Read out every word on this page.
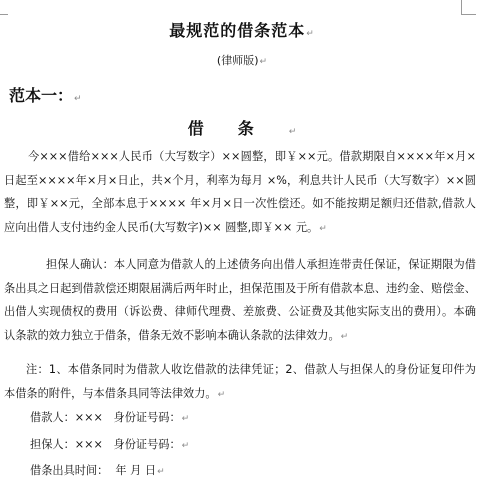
最规范的借条范本↵
(律师版)↵
范本一：↵
借条↵
今×××借给×××人民币（大写数字）××圆整，即￥××元。借款期限自××××年×月×日起至××××年×月×日止，共×个月，利率为每月 ×%，利息共计人民币（大写数字）××圆整，即￥××元，全部本息于×××× 年×月×日一次性偿还。如不能按期足额归还借款,借款人应向出借人支付违约金人民币(大写数字)×× 圆整,即￥×× 元。↵
担保人确认：本人同意为借款人的上述债务向出借人承担连带责任保证，保证期限为借条出具之日起到借款偿还期限届满后两年时止，担保范围及于所有借款本息、违约金、赔偿金、出借人实现债权的费用（诉讼费、律师代理费、差旅费、公证费及其他实际支出的费用）。本确认条款的效力独立于借条，借条无效不影响本确认条款的法律效力。↵
注：1、本借条同时为借款人收讫借款的法律凭证；2、借款人与担保人的身份证复印件为本借条的附件，与本借条具同等法律效力。↵
借款人：×××   身份证号码：↵
担保人：×××   身份证号码：↵
借条出具时间：  年 月 日↵
